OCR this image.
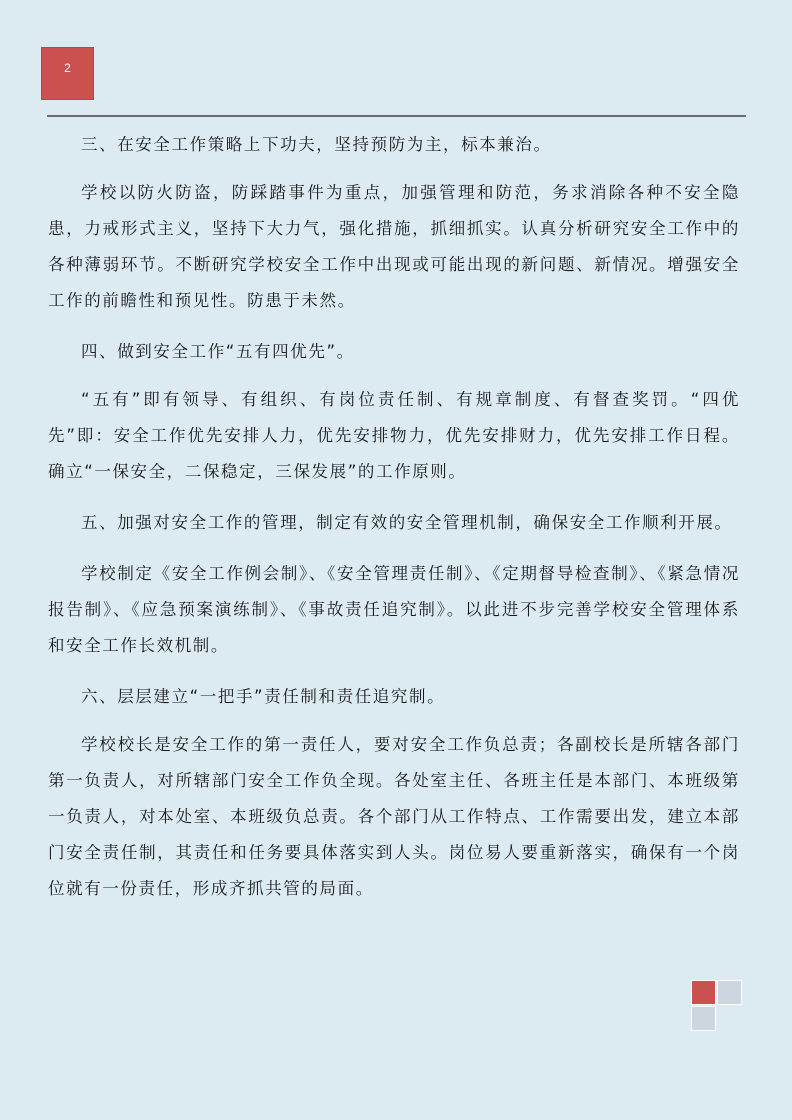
2

三、在安全工作策略上下功夫，坚持预防为主，标本兼治。

学校以防火防盗，防踩踏事件为重点，加强管理和防范，务求消除各种不安全隐患，力戒形式主义，坚持下大力气，强化措施，抓细抓实。认真分析研究安全工作中的各种薄弱环节。不断研究学校安全工作中出现或可能出现的新问题、新情况。增强安全工作的前瞻性和预见性。防患于未然。

四、做到安全工作“五有四优先”。

“五有”即有领导、有组织、有岗位责任制、有规章制度、有督查奖罚。“四优先”即：安全工作优先安排人力，优先安排物力，优先安排财力，优先安排工作日程。确立“一保安全，二保稳定，三保发展”的工作原则。

五、加强对安全工作的管理，制定有效的安全管理机制，确保安全工作顺利开展。

学校制定《安全工作例会制》、《安全管理责任制》、《定期督导检查制》、《紧急情况报告制》、《应急预案演练制》、《事故责任追究制》。以此进不步完善学校安全管理体系和安全工作长效机制。

六、层层建立“一把手”责任制和责任追究制。

学校校长是安全工作的第一责任人，要对安全工作负总责；各副校长是所辖各部门第一负责人，对所辖部门安全工作负全现。各处室主任、各班主任是本部门、本班级第一负责人，对本处室、本班级负总责。各个部门从工作特点、工作需要出发，建立本部门安全责任制，其责任和任务要具体落实到人头。岗位易人要重新落实，确保有一个岗位就有一份责任，形成齐抓共管的局面。
